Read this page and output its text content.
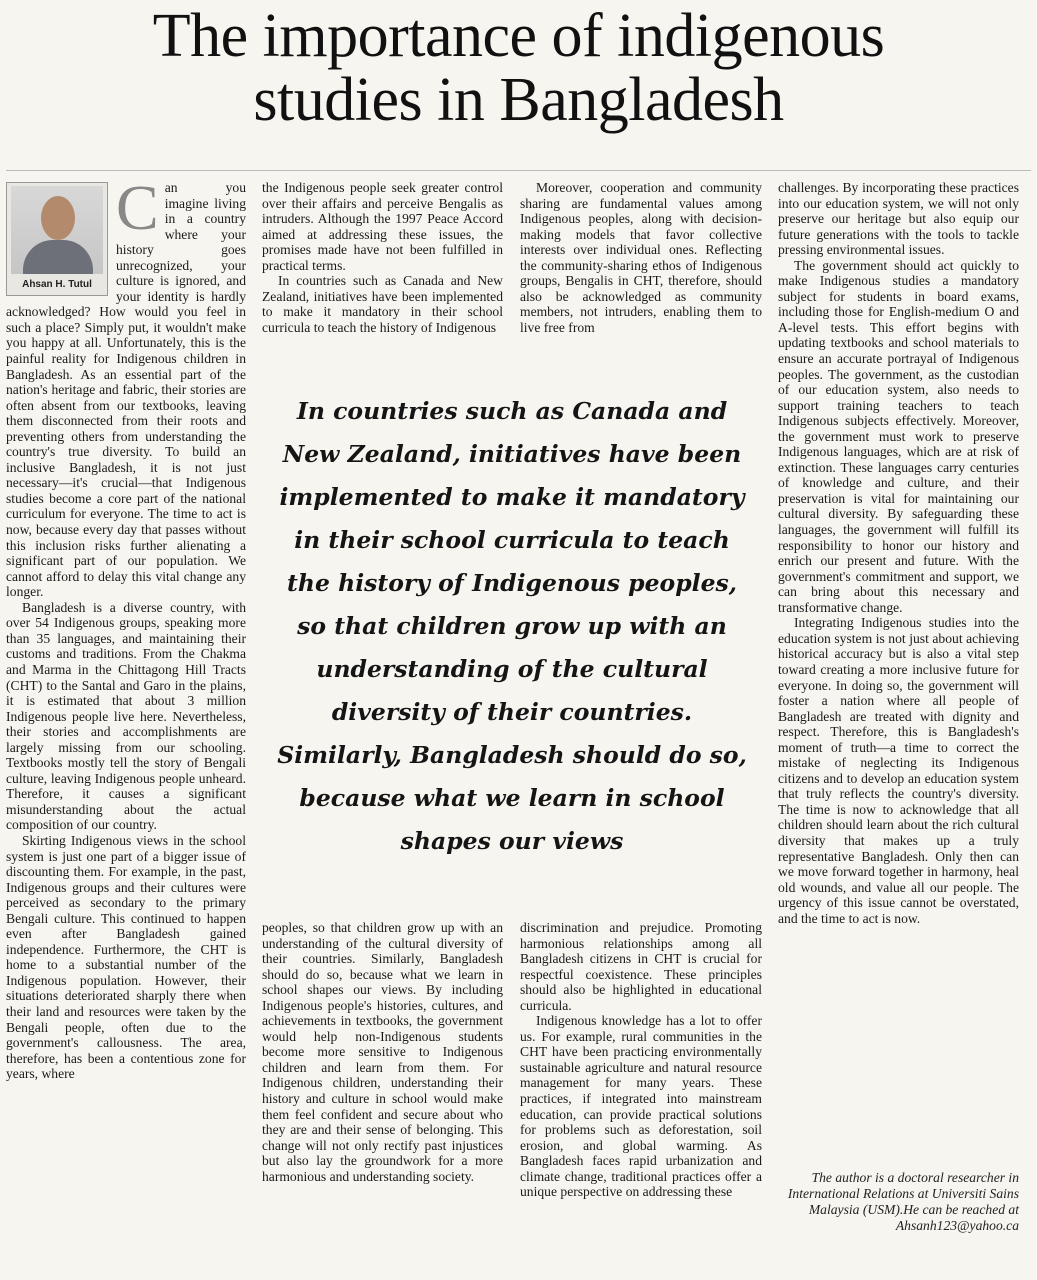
The importance of indigenous
studies in Bangladesh
Ahsan H. Tutul

Can you imagine living in a country where your history goes unrecognized, your culture is ignored, and your identity is hardly acknowledged? How would you feel in such a place? Simply put, it wouldn't make you happy at all. Unfortunately, this is the painful reality for Indigenous children in Bangladesh. As an essential part of the nation's heritage and fabric, their stories are often absent from our textbooks, leaving them disconnected from their roots and preventing others from understanding the country's true diversity. To build an inclusive Bangladesh, it is not just necessary—it's crucial—that Indigenous studies become a core part of the national curriculum for everyone. The time to act is now, because every day that passes without this inclusion risks further alienating a significant part of our population. We cannot afford to delay this vital change any longer.

Bangladesh is a diverse country, with over 54 Indigenous groups, speaking more than 35 languages, and maintaining their customs and traditions. From the Chakma and Marma in the Chittagong Hill Tracts (CHT) to the Santal and Garo in the plains, it is estimated that about 3 million Indigenous people live here. Nevertheless, their stories and accomplishments are largely missing from our schooling. Textbooks mostly tell the story of Bengali culture, leaving Indigenous people unheard. Therefore, it causes a significant misunderstanding about the actual composition of our country.

Skirting Indigenous views in the school system is just one part of a bigger issue of discounting them. For example, in the past, Indigenous groups and their cultures were perceived as secondary to the primary Bengali culture. This continued to happen even after Bangladesh gained independence. Furthermore, the CHT is home to a substantial number of the Indigenous population. However, their situations deteriorated sharply there when their land and resources were taken by the Bengali people, often due to the government's callousness. The area, therefore, has been a contentious zone for years, where

the Indigenous people seek greater control over their affairs and perceive Bengalis as intruders. Although the 1997 Peace Accord aimed at addressing these issues, the promises made have not been fulfilled in practical terms.

In countries such as Canada and New Zealand, initiatives have been implemented to make it mandatory in their school curricula to teach the history of Indigenous

Moreover, cooperation and community sharing are fundamental values among Indigenous peoples, along with decision-making models that favor collective interests over individual ones. Reflecting the community-sharing ethos of Indigenous groups, Bengalis in CHT, therefore, should also be acknowledged as community members, not intruders, enabling them to live free from

In countries such as Canada and New Zealand, initiatives have been implemented to make it mandatory in their school curricula to teach the history of Indigenous peoples, so that children grow up with an understanding of the cultural diversity of their countries. Similarly, Bangladesh should do so, because what we learn in school shapes our views

peoples, so that children grow up with an understanding of the cultural diversity of their countries. Similarly, Bangladesh should do so, because what we learn in school shapes our views. By including Indigenous people's histories, cultures, and achievements in textbooks, the government would help non-Indigenous students become more sensitive to Indigenous children and learn from them. For Indigenous children, understanding their history and culture in school would make them feel confident and secure about who they are and their sense of belonging. This change will not only rectify past injustices but also lay the groundwork for a more harmonious and understanding society.

discrimination and prejudice. Promoting harmonious relationships among all Bangladesh citizens in CHT is crucial for respectful coexistence. These principles should also be highlighted in educational curricula.

Indigenous knowledge has a lot to offer us. For example, rural communities in the CHT have been practicing environmentally sustainable agriculture and natural resource management for many years. These practices, if integrated into mainstream education, can provide practical solutions for problems such as deforestation, soil erosion, and global warming. As Bangladesh faces rapid urbanization and climate change, traditional practices offer a unique perspective on addressing these

challenges. By incorporating these practices into our education system, we will not only preserve our heritage but also equip our future generations with the tools to tackle pressing environmental issues.

The government should act quickly to make Indigenous studies a mandatory subject for students in board exams, including those for English-medium O and A-level tests. This effort begins with updating textbooks and school materials to ensure an accurate portrayal of Indigenous peoples. The government, as the custodian of our education system, also needs to support training teachers to teach Indigenous subjects effectively. Moreover, the government must work to preserve Indigenous languages, which are at risk of extinction. These languages carry centuries of knowledge and culture, and their preservation is vital for maintaining our cultural diversity. By safeguarding these languages, the government will fulfill its responsibility to honor our history and enrich our present and future. With the government's commitment and support, we can bring about this necessary and transformative change.

Integrating Indigenous studies into the education system is not just about achieving historical accuracy but is also a vital step toward creating a more inclusive future for everyone. In doing so, the government will foster a nation where all people of Bangladesh are treated with dignity and respect. Therefore, this is Bangladesh's moment of truth—a time to correct the mistake of neglecting its Indigenous citizens and to develop an education system that truly reflects the country's diversity. The time is now to acknowledge that all children should learn about the rich cultural diversity that makes up a truly representative Bangladesh. Only then can we move forward together in harmony, heal old wounds, and value all our people. The urgency of this issue cannot be overstated, and the time to act is now.

The author is a doctoral researcher in International Relations at Universiti Sains Malaysia (USM).He can be reached at Ahsanh123@yahoo.ca
